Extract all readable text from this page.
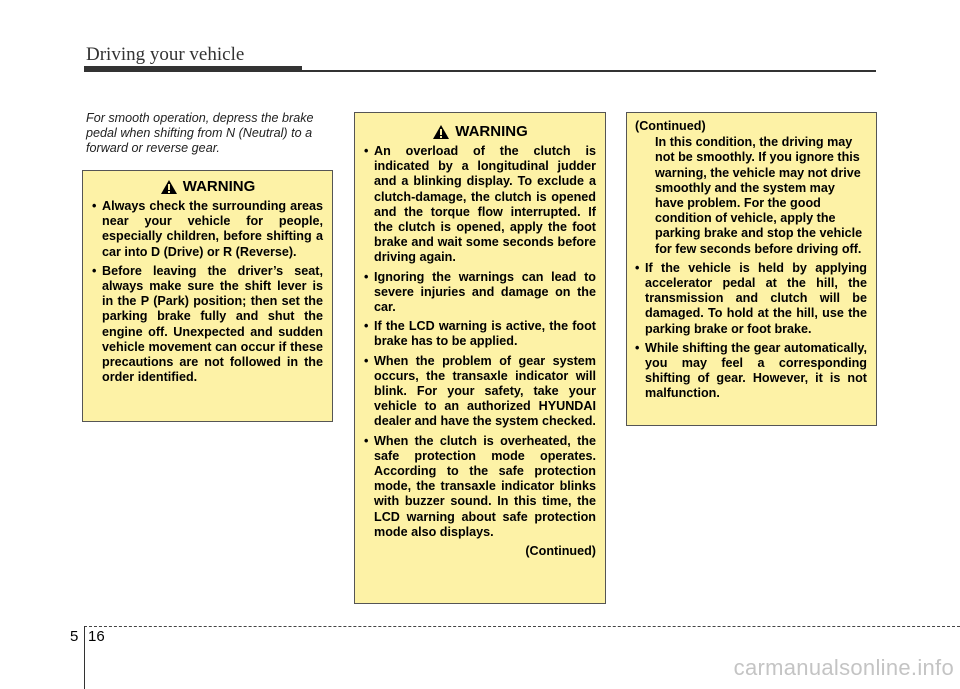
Driving your vehicle
For smooth operation, depress the brake pedal when shifting from N (Neutral) to a forward or reverse gear.
WARNING
• Always check the surrounding areas near your vehicle for people, especially children, before shifting a car into D (Drive) or R (Reverse).
• Before leaving the driver’s seat, always make sure the shift lever is in the P (Park) position; then set the parking brake fully and shut the engine off. Unexpected and sudden vehicle movement can occur if these precautions are not followed in the order identified.
WARNING
• An overload of the clutch is indicated by a longitudinal judder and a blinking display. To exclude a clutch-damage, the clutch is opened and the torque flow interrupted. If the clutch is opened, apply the foot brake and wait some seconds before driving again.
• Ignoring the warnings can lead to severe injuries and damage on the car.
• If the LCD warning is active, the foot brake has to be applied.
• When the problem of gear system occurs, the transaxle indicator will blink. For your safety, take your vehicle to an authorized HYUNDAI dealer and have the system checked.
• When the clutch is overheated, the safe protection mode operates. According to the safe protection mode, the transaxle indicator blinks with buzzer sound. In this time, the LCD warning about safe protection mode also displays.
(Continued)
(Continued)
In this condition, the driving may not be smoothly. If you ignore this warning, the vehicle may not drive smoothly and the system may have problem. For the good condition of vehicle, apply the parking brake and stop the vehicle for few seconds before driving off.
• If the vehicle is held by applying accelerator pedal at the hill, the transmission and clutch will be damaged. To hold at the hill, use the parking brake or foot brake.
• While shifting the gear automatically, you may feel a corresponding shifting of gear. However, it is not malfunction.
5 16
carmanualsonline.info
